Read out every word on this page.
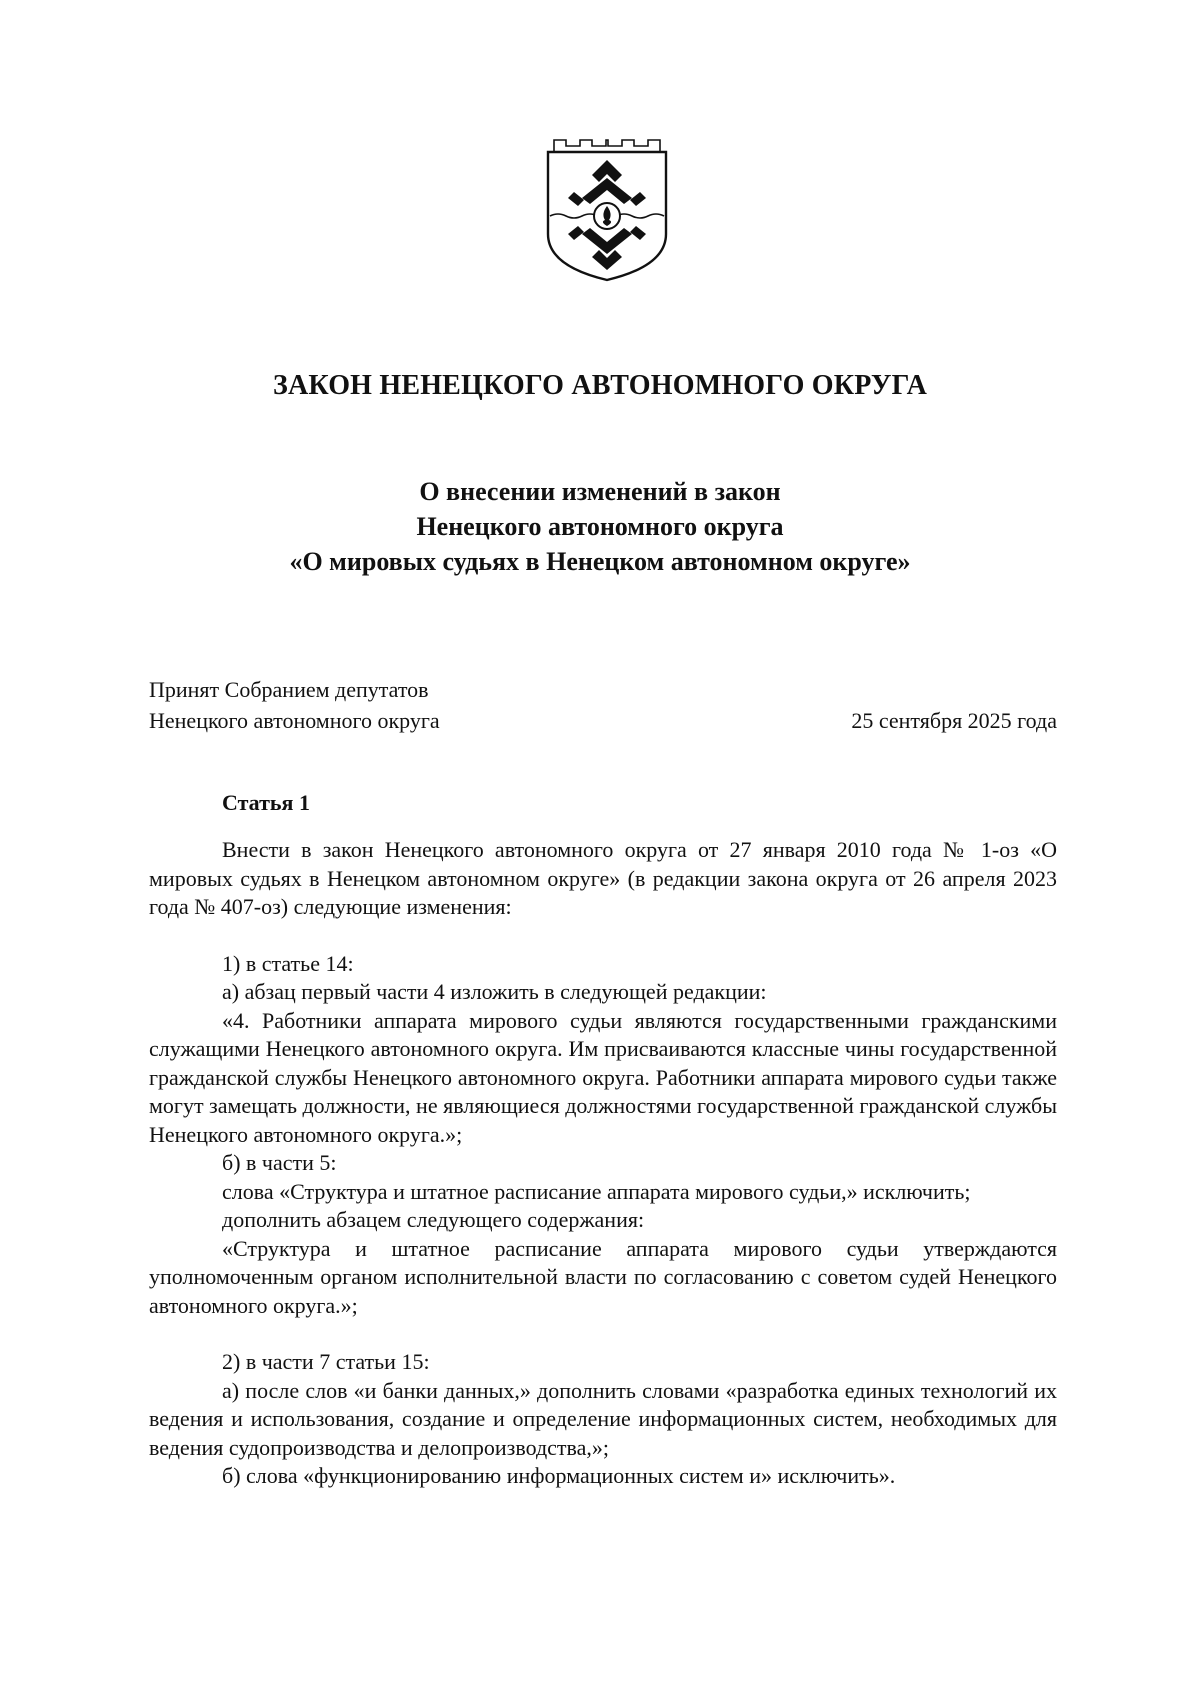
ЗАКОН НЕНЕЦКОГО АВТОНОМНОГО ОКРУГА
О внесении изменений в закон
Ненецкого автономного округа
«О мировых судьях в Ненецком автономном округе»
Принят Собранием депутатов
Ненецкого автономного округа	25 сентября 2025 года
Статья 1

Внести в закон Ненецкого автономного округа от 27 января 2010 года № 1-оз «О мировых судьях в Ненецком автономном округе» (в редакции закона округа от 26 апреля 2023 года № 407-оз) следующие изменения:

1) в статье 14:

а) абзац первый части 4 изложить в следующей редакции:

«4. Работники аппарата мирового судьи являются государственными гражданскими служащими Ненецкого автономного округа. Им присваиваются классные чины государственной гражданской службы Ненецкого автономного округа. Работники аппарата мирового судьи также могут замещать должности, не являющиеся должностями государственной гражданской службы Ненецкого автономного округа.»;

б) в части 5:

слова «Структура и штатное расписание аппарата мирового судьи,» исключить;

дополнить абзацем следующего содержания:

«Структура и штатное расписание аппарата мирового судьи утверждаются уполномоченным органом исполнительной власти по согласованию с советом судей Ненецкого автономного округа.»;

2) в части 7 статьи 15:

а) после слов «и банки данных,» дополнить словами «разработка единых технологий их ведения и использования, создание и определение информационных систем, необходимых для ведения судопроизводства и делопроизводства,»;

б) слова «функционированию информационных систем и» исключить».
